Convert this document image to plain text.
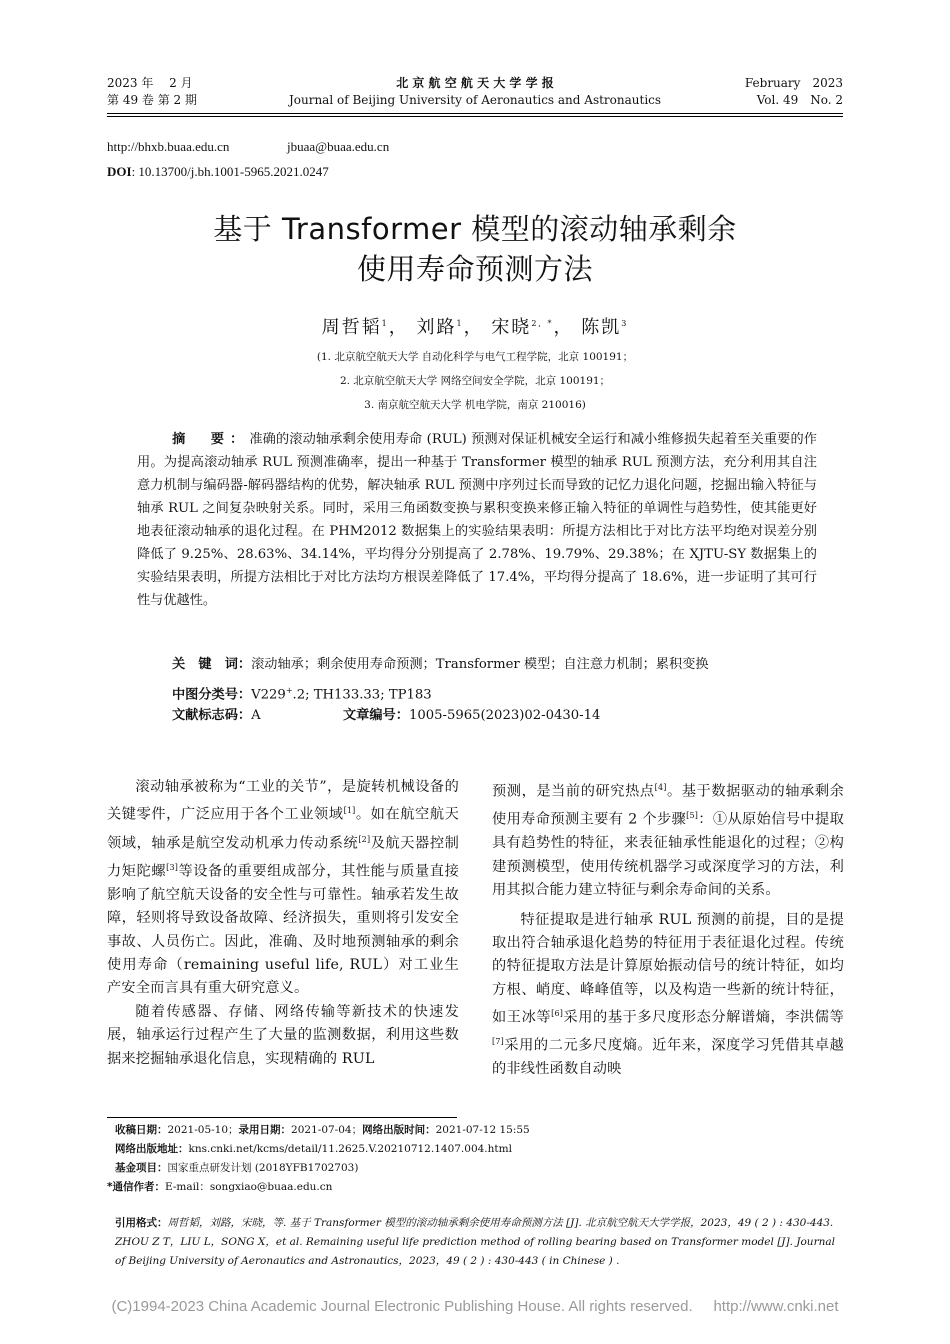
2023 年　 2 月
第 49 卷 第 2 期
北 京 航 空 航 天 大 学 学 报
Journal of Beijing University of Aeronautics and Astronautics
February　2023
Vol. 49　No. 2
http://bhxb.buaa.edu.cn	jbuaa@buaa.edu.cn
DOI: 10.13700/j.bh.1001-5965.2021.0247
基于 Transformer 模型的滚动轴承剩余
使用寿命预测方法
周哲韬$^1$， 刘路$^1$， 宋晓$^{2, *}$， 陈凯$^3$
(1. 北京航空航天大学 自动化科学与电气工程学院，北京 100191；
2. 北京航空航天大学 网络空间安全学院，北京 100191；
3. 南京航空航天大学 机电学院，南京 210016)
摘　要：准确的滚动轴承剩余使用寿命 (RUL) 预测对保证机械安全运行和减小维修损失起着至关重要的作用。为提高滚动轴承 RUL 预测准确率，提出一种基于 Transformer 模型的轴承 RUL 预测方法，充分利用其自注意力机制与编码器-解码器结构的优势，解决轴承 RUL 预测中序列过长而导致的记忆力退化问题，挖掘出输入特征与轴承 RUL 之间复杂映射关系。同时，采用三角函数变换与累积变换来修正输入特征的单调性与趋势性，使其能更好地表征滚动轴承的退化过程。在 PHM2012 数据集上的实验结果表明：所提方法相比于对比方法平均绝对误差分别降低了 9.25%、28.63%、34.14%，平均得分分别提高了 2.78%、19.79%、29.38%；在 XJTU-SY 数据集上的实验结果表明，所提方法相比于对比方法均方根误差降低了 17.4%，平均得分提高了 18.6%，进一步证明了其可行性与优越性。
关　键　词：滚动轴承；剩余使用寿命预测；Transformer 模型；自注意力机制；累积变换
中图分类号：V229+.2; TH133.33; TP183
文献标志码：A	文章编号：1005-5965(2023)02-0430-14

滚动轴承被称为“工业的关节”，是旋转机械设备的关键零件，广泛应用于各个工业领域[1]。如在航空航天领域，轴承是航空发动机承力传动系统[2]及航天器控制力矩陀螺[3]等设备的重要组成部分，其性能与质量直接影响了航空航天设备的安全性与可靠性。轴承若发生故障，轻则将导致设备故障、经济损失，重则将引发安全事故、人员伤亡。因此，准确、及时地预测轴承的剩余使用寿命（remaining useful life, RUL）对工业生产安全而言具有重大研究意义。

随着传感器、存储、网络传输等新技术的快速发展，轴承运行过程产生了大量的监测数据，利用这些数据来挖掘轴承退化信息，实现精确的 RUL

预测，是当前的研究热点[4]。基于数据驱动的轴承剩余使用寿命预测主要有 2 个步骤[5]：①从原始信号中提取具有趋势性的特征，来表征轴承性能退化的过程；②构建预测模型，使用传统机器学习或深度学习的方法，利用其拟合能力建立特征与剩余寿命间的关系。

特征提取是进行轴承 RUL 预测的前提，目的是提取出符合轴承退化趋势的特征用于表征退化过程。传统的特征提取方法是计算原始振动信号的统计特征，如均方根、峭度、峰峰值等，以及构造一些新的统计特征，如王冰等[6]采用的基于多尺度形态分解谱熵，李洪儒等[7]采用的二元多尺度熵。近年来，深度学习凭借其卓越的非线性函数自动映

收稿日期：2021-05-10；录用日期：2021-07-04；网络出版时间：2021-07-12 15:55
网络出版地址：kns.cnki.net/kcms/detail/11.2625.V.20210712.1407.004.html
基金项目：国家重点研发计划 (2018YFB1702703)
*通信作者：E-mail：songxiao@buaa.edu.cn
引用格式：周哲韬，刘路，宋晓，等. 基于 Transformer 模型的滚动轴承剩余使用寿命预测方法 [J]. 北京航空航天大学学报，2023，49 ( 2 ) : 430-443. ZHOU Z T，LIU L，SONG X，et al. Remaining useful life prediction method of rolling bearing based on Transformer model [J]. Journal of Beijing University of Aeronautics and Astronautics，2023，49 ( 2 ) : 430-443 ( in Chinese ) .
(C)1994-2023 China Academic Journal Electronic Publishing House. All rights reserved.     http://www.cnki.net
